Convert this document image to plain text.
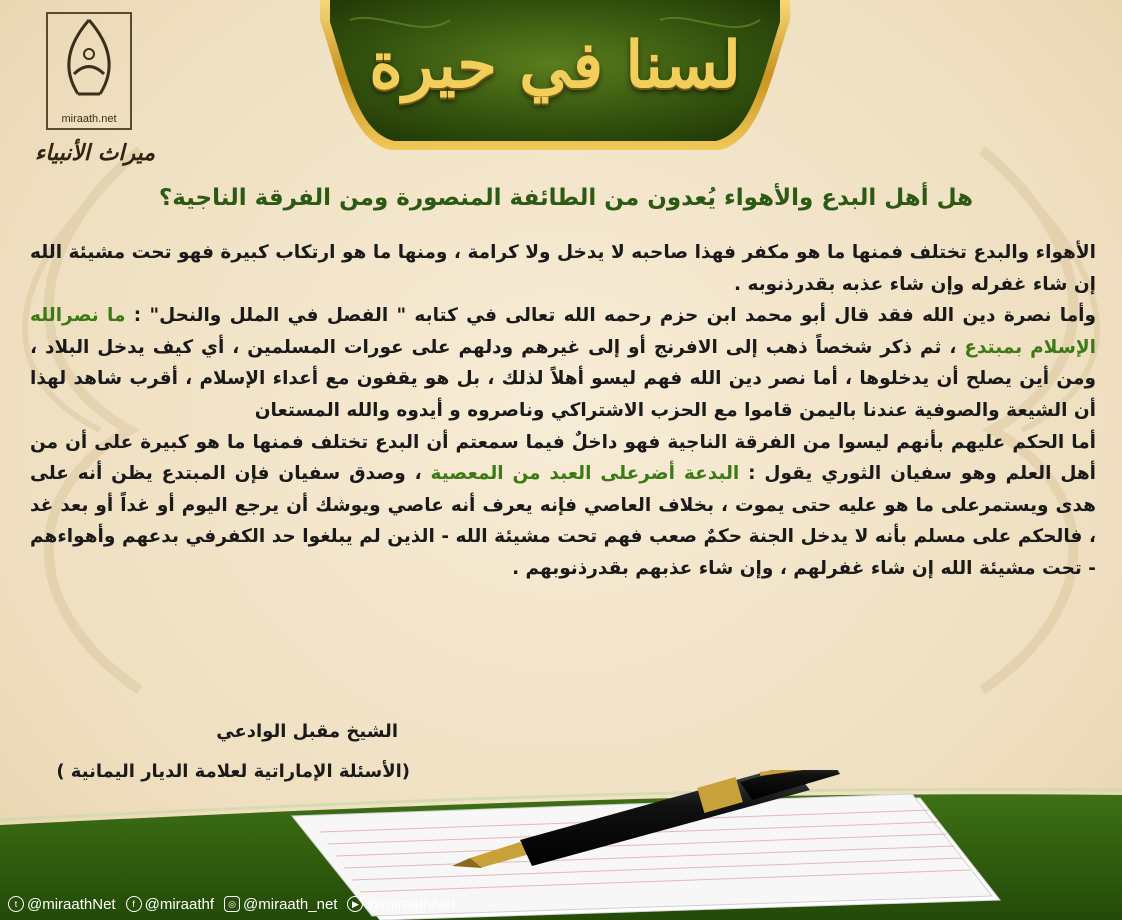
لسنا في حيرة
miraath.net
ميراث الأنبياء
هل أهل البدع والأهواء يُعدون من الطائفة المنصورة ومن الفرقة الناجية؟

الأهواء والبدع تختلف فمنها ما هو مكفر فهذا صاحبه لا يدخل ولا كرامة ، ومنها ما هو ارتكاب كبيرة فهو تحت مشيئة الله إن شاء غفرله وإن شاء عذبه بقدرذنوبه .

وأما نصرة دين الله فقد قال أبو محمد ابن حزم رحمه الله تعالى في كتابه " الفصل في الملل والنحل" : ما نصرالله الإسلام بمبتدع ، ثم ذكر شخصاً ذهب إلى الافرنج أو إلى غيرهم ودلهم على عورات المسلمين ، أي كيف يدخل البلاد ، ومن أين يصلح أن يدخلوها ، أما نصر دين الله فهم ليسو أهلاً لذلك ، بل هو يقفون مع أعداء الإسلام ، أقرب شاهد لهذا أن الشيعة والصوفية عندنا باليمن قاموا مع الحزب الاشتراكي وناصروه و أيدوه والله المستعان

أما الحكم عليهم بأنهم ليسوا من الفرقة الناجية فهو داخلٌ فيما سمعتم أن البدع تختلف فمنها ما هو كبيرة على أن من أهل العلم وهو سفيان الثوري يقول : البدعة أضرعلى العبد من المعصية ، وصدق سفيان فإن المبتدع يظن أنه على هدى ويستمرعلى ما هو عليه حتى يموت ، بخلاف العاصي فإنه يعرف أنه عاصي ويوشك أن يرجع اليوم أو غداً أو بعد غد ، فالحكم على مسلم بأنه لا يدخل الجنة حكمٌ صعب فهم تحت مشيئة الله - الذين لم يبلغوا حد الكفرفي بدعهم وأهواءهم - تحت مشيئة الله إن شاء غفرلهم ، وإن شاء عذبهم بقدرذنوبهم .

الشيخ مقبل الوادعي
(الأسئلة الإماراتية لعلامة الديار اليمانية )
t @miraathNet	f @miraathf	◎ @miraath_net	▶ @miraathNet
